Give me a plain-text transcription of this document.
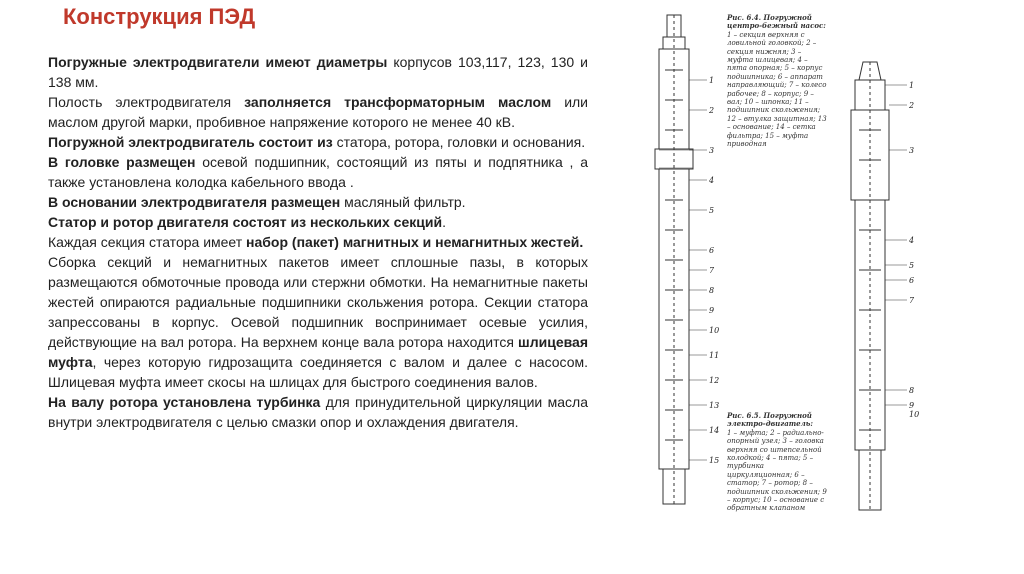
Конструкция ПЭД

Погружные электродвигатели имеют диаметры корпусов 103,117, 123, 130 и 138 мм.

Полость электродвигателя заполняется трансформаторным маслом или маслом другой марки, пробивное напряжение которого не менее 40 кВ.

Погружной электродвигатель состоит из статора, ротора, головки и основания.

В головке размещен осевой подшипник, состоящий из пяты и подпятника , а также установлена колодка кабельного ввода .

В основании электродвигателя размещен масляный фильтр.

Статор и ротор двигателя состоят из нескольких секций.

Каждая секция статора имеет набор (пакет) магнитных и немагнитных жестей.

Сборка секций и немагнитных пакетов имеет сплошные пазы, в которых размещаются обмоточные провода или стержни обмотки. На немагнитные пакеты жестей опираются радиальные подшипники скольжения ротора. Секции статора запрессованы в корпус. Осевой подшипник воспринимает осевые усилия, действующие на вал ротора. На верхнем конце вала ротора находится шлицевая муфта, через которую гидрозащита соединяется с валом и далее с насосом. Шлицевая муфта имеет скосы на шлицах для быстрого соединения валов.

На валу ротора установлена турбинка для принудительной циркуляции масла внутри электродвигателя с целью смазки опор и охлаждения двигателя.

Рис. 6.4. Погружной центро-бежный насос:
1 – секция верхняя с ловильной головкой; 2 – секция нижняя; 3 – муфта шлицевая; 4 – пята опорная; 5 – корпус подшипника; 6 – аппарат направляющий; 7 – колесо рабочее; 8 – корпус; 9 – вал; 10 – шпонка; 11 – подшипник скольжения; 12 – втулка защитная; 13 – основание; 14 – сетка фильтра; 15 – муфта приводная
Рис. 6.5. Погружной электро-двигатель:
1 – муфта; 2 – радиально-опорный узел; 3 – головка верхняя со штепсельной колодкой; 4 – пята; 5 – турбинка циркуляционная; 6 – статор; 7 – ротор; 8 – подшипник скольжения; 9 – корпус; 10 – основание с обратным клапаном
1
2
3
4
5
6
7
8
9
10
11
12
13
14
15
1
2
3
4
5
6
7
8
9
10
